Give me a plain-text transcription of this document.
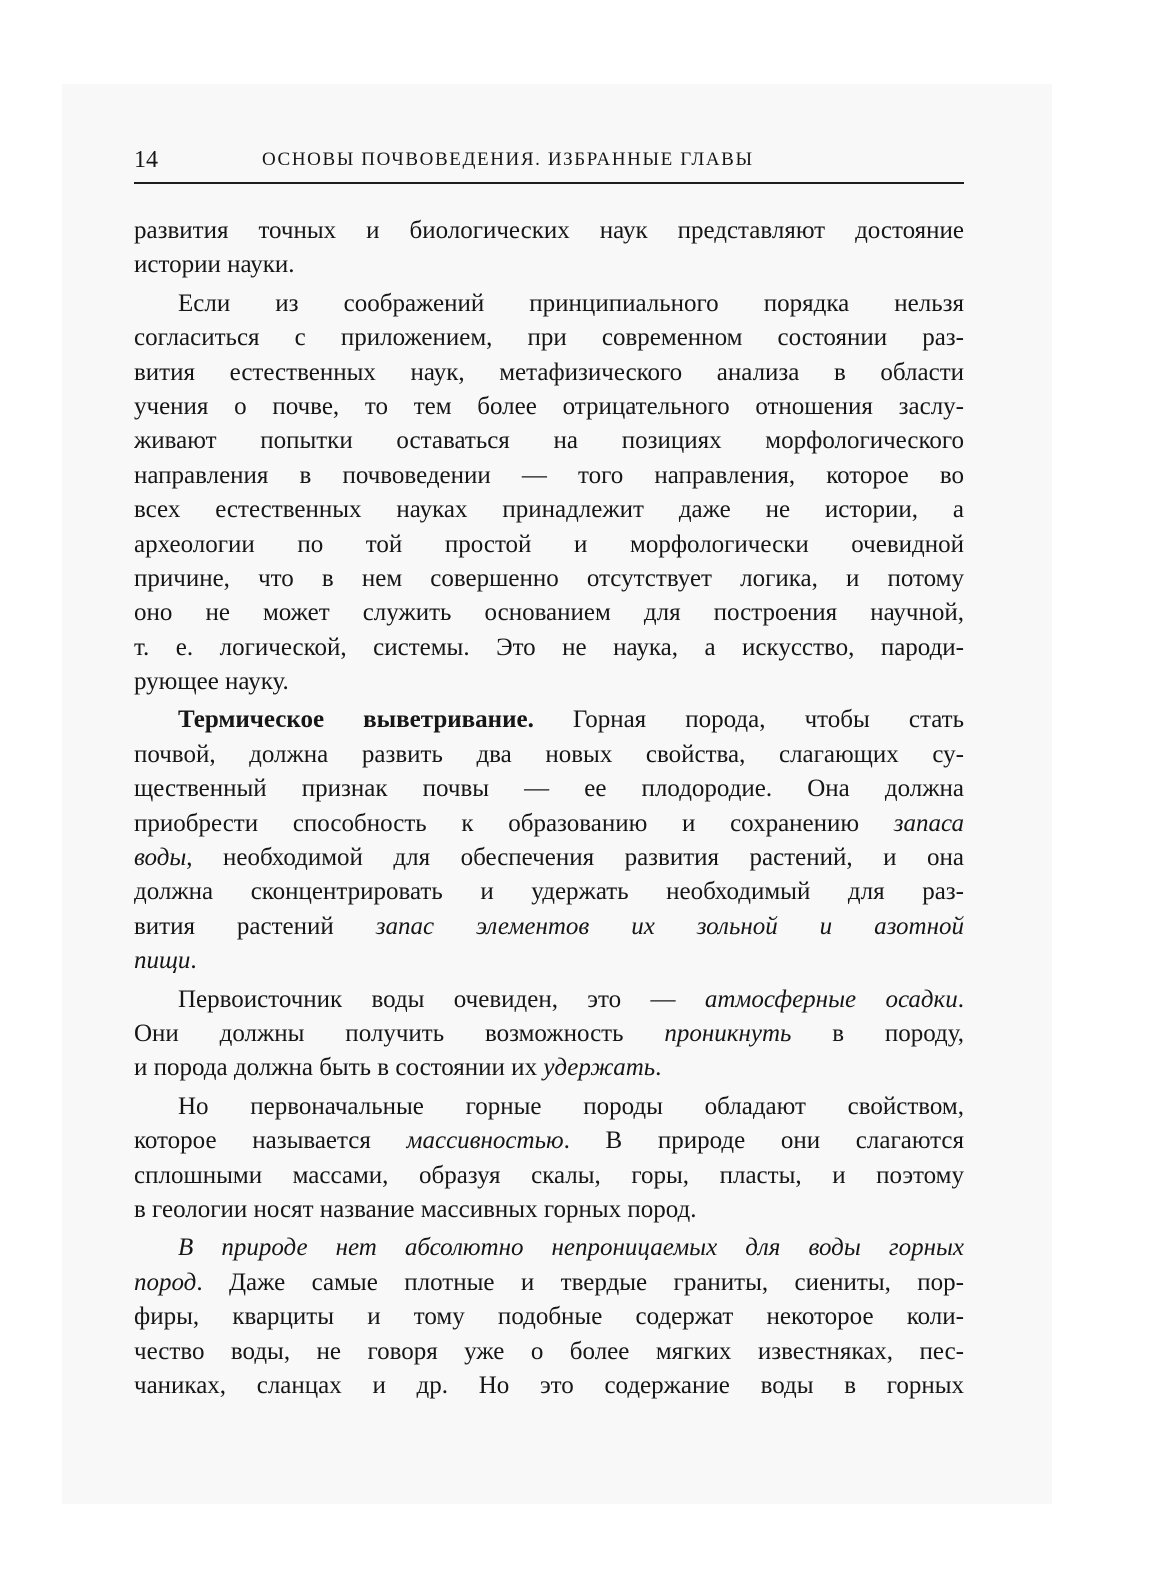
14	ОСНОВЫ ПОЧВОВЕДЕНИЯ. ИЗБРАННЫЕ ГЛАВЫ
развития точных и биологических наук представляют достояние
истории науки.
Если из соображений принципиального порядка нельзя
согласиться с приложением, при современном состоянии раз-
вития естественных наук, метафизического анализа в области
учения о почве, то тем более отрицательного отношения заслу-
живают попытки оставаться на позициях морфологического
направления в почвоведении — того направления, которое во
всех естественных науках принадлежит даже не истории, а
археологии по той простой и морфологически очевидной
причине, что в нем совершенно отсутствует логика, и потому
оно не может служить основанием для построения научной,
т. е. логической, системы. Это не наука, а искусство, пароди-
рующее науку.
Термическое выветривание. Горная порода, чтобы стать
почвой, должна развить два новых свойства, слагающих су-
щественный признак почвы — ее плодородие. Она должна
приобрести способность к образованию и сохранению запаса
воды, необходимой для обеспечения развития растений, и она
должна сконцентрировать и удержать необходимый для раз-
вития растений запас элементов их зольной и азотной
пищи.
Первоисточник воды очевиден, это — атмосферные осадки.
Они должны получить возможность проникнуть в породу,
и порода должна быть в состоянии их удержать.
Но первоначальные горные породы обладают свойством,
которое называется массивностью. В природе они слагаются
сплошными массами, образуя скалы, горы, пласты, и поэтому
в геологии носят название массивных горных пород.
В природе нет абсолютно непроницаемых для воды горных
пород. Даже самые плотные и твердые граниты, сиениты, пор-
фиры, кварциты и тому подобные содержат некоторое коли-
чество воды, не говоря уже о более мягких известняках, пес-
чаниках, сланцах и др. Но это содержание воды в горных
